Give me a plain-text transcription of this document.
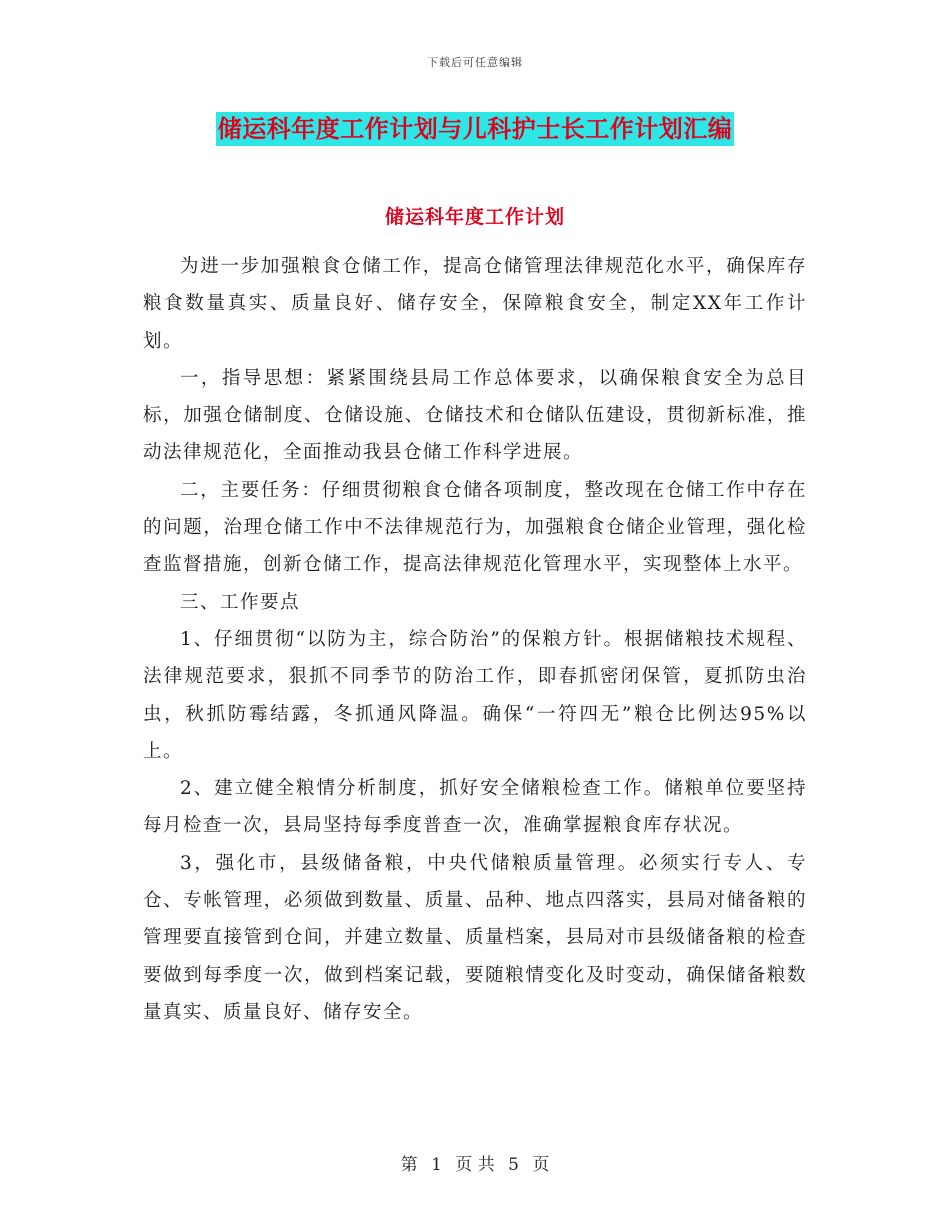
下载后可任意编辑
储运科年度工作计划与儿科护士长工作计划汇编
储运科年度工作计划

为进一步加强粮食仓储工作，提高仓储管理法律规范化水平，确保库存粮食数量真实、质量良好、储存安全，保障粮食安全，制定XX年工作计划。

一，指导思想：紧紧围绕县局工作总体要求，以确保粮食安全为总目标，加强仓储制度、仓储设施、仓储技术和仓储队伍建设，贯彻新标准，推动法律规范化，全面推动我县仓储工作科学进展。

二，主要任务：仔细贯彻粮食仓储各项制度，整改现在仓储工作中存在的问题，治理仓储工作中不法律规范行为，加强粮食仓储企业管理，强化检查监督措施，创新仓储工作，提高法律规范化管理水平，实现整体上水平。

三、工作要点

1、仔细贯彻“以防为主，综合防治”的保粮方针。根据储粮技术规程、法律规范要求，狠抓不同季节的防治工作，即春抓密闭保管，夏抓防虫治虫，秋抓防霉结露，冬抓通风降温。确保“一符四无”粮仓比例达95%以上。

2、建立健全粮情分析制度，抓好安全储粮检查工作。储粮单位要坚持每月检查一次，县局坚持每季度普查一次，准确掌握粮食库存状况。

3，强化市，县级储备粮，中央代储粮质量管理。必须实行专人、专仓、专帐管理，必须做到数量、质量、品种、地点四落实，县局对储备粮的管理要直接管到仓间，并建立数量、质量档案，县局对市县级储备粮的检查要做到每季度一次，做到档案记载，要随粮情变化及时变动，确保储备粮数量真实、质量良好、储存安全。

第 1 页 共 5 页
